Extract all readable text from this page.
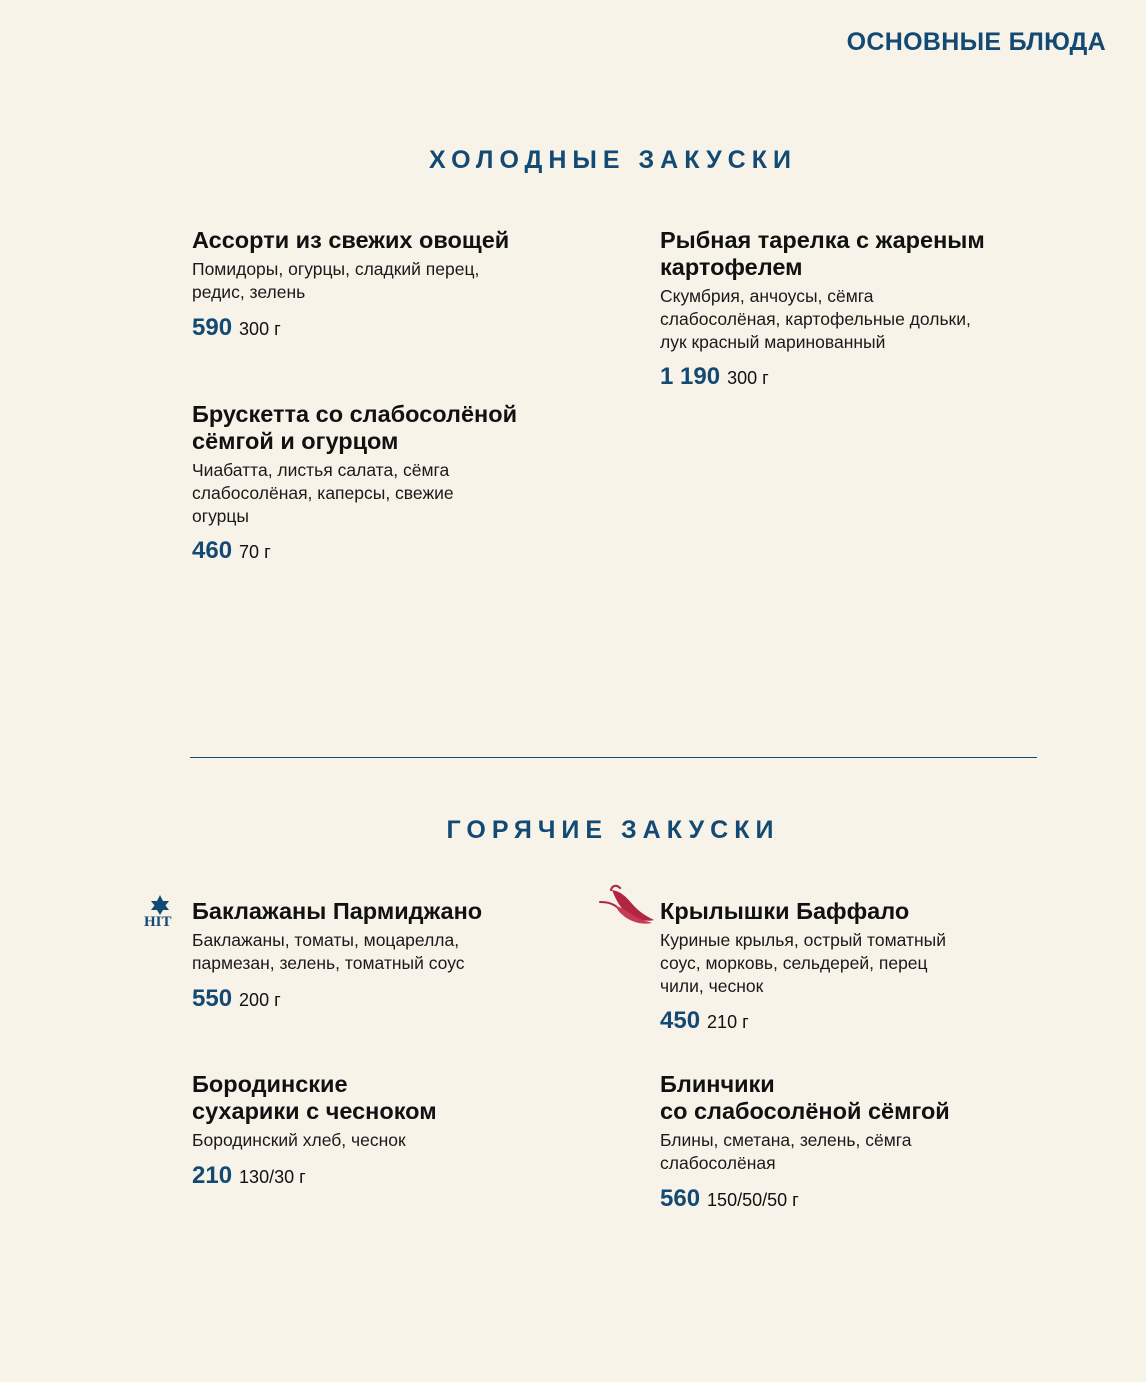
ОСНОВНЫЕ БЛЮДА
ХОЛОДНЫЕ ЗАКУСКИ
Ассорти из свежих овощей
Помидоры, огурцы, сладкий перец,
редис, зелень
590 300 г
Рыбная тарелка с жареным
картофелем
Скумбрия, анчоусы, сёмга
слабосолёная, картофельные дольки,
лук красный маринованный
1 190 300 г
Брускетта со слабосолёной
сёмгой и огурцом
Чиабатта, листья салата, сёмга
слабосолёная, каперсы, свежие
огурцы
460 70 г
ГОРЯЧИЕ ЗАКУСКИ
HIT Баклажаны Пармиджано
Баклажаны, томаты, моцарелла,
пармезан, зелень, томатный соус
550 200 г
Крылышки Баффало
Куриные крылья, острый томатный
соус, морковь, сельдерей, перец
чили, чеснок
450 210 г
Бородинские
сухарики с чесноком
Бородинский хлеб, чеснок
210 130/30 г
Блинчики
со слабосолёной сёмгой
Блины, сметана, зелень, сёмга
слабосолёная
560 150/50/50 г
